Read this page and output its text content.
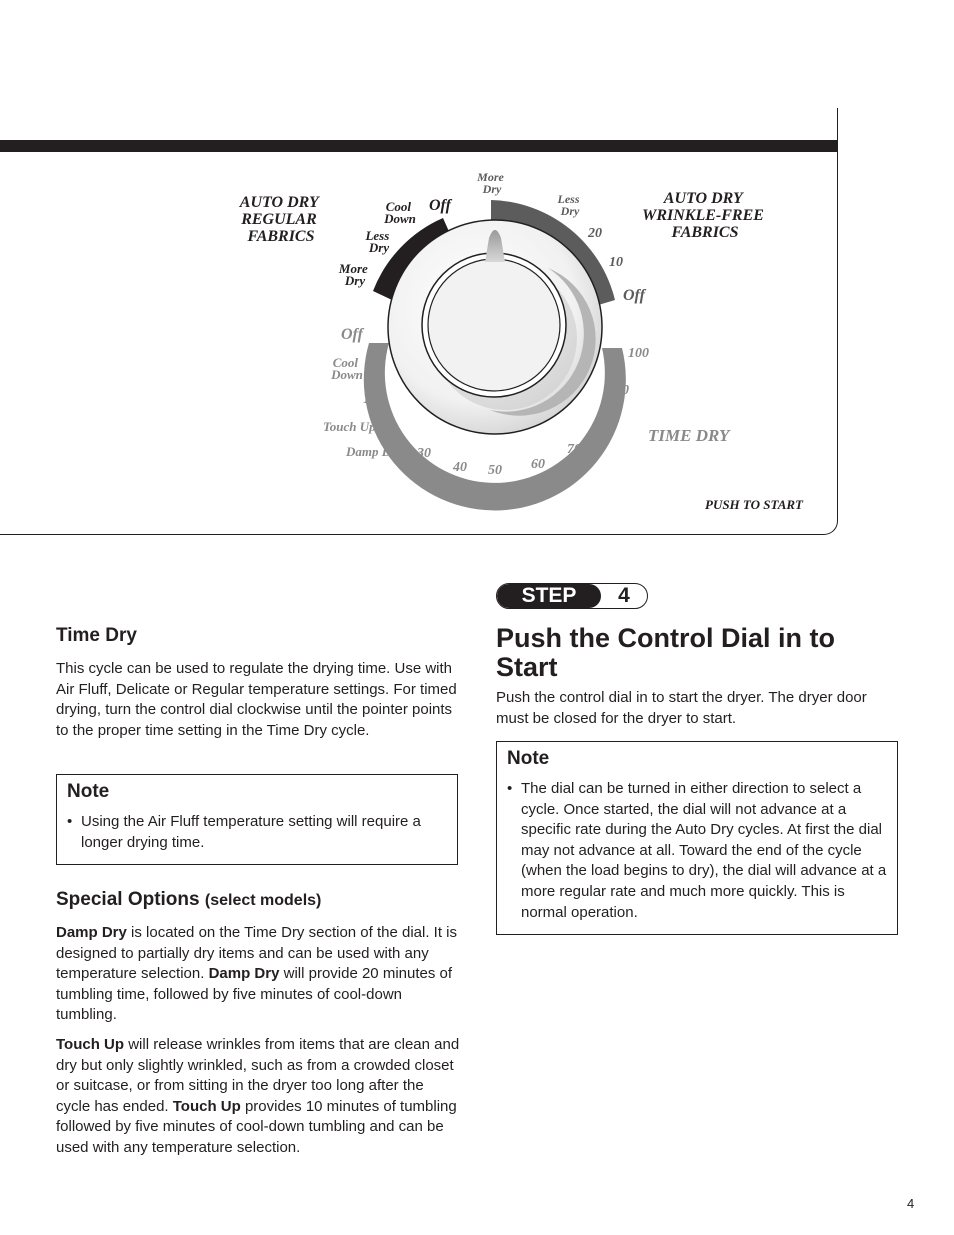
AUTO DRY REGULAR FABRICS
AUTO DRY WRINKLE-FREE FABRICS
TIME DRY
PUSH TO START
More Dry
Less Dry
Cool Down
Off
Less Dry
More Dry
20
10
Off
Off
Cool Down
10
Touch Up 20
Damp Dry 30
40 50 60
70
80
90
100
Time Dry

This cycle can be used to regulate the drying time. Use with Air Fluff, Delicate or Regular temperature settings. For timed drying, turn the control dial clockwise until the pointer points to the proper time setting in the Time Dry cycle.

Note

• Using the Air Fluff temperature setting will require a longer drying time.
Special Options (select models)

Damp Dry is located on the Time Dry section of the dial. It is designed to partially dry items and can be used with any temperature selection. Damp Dry will provide 20 minutes of tumbling time, followed by five minutes of cool-down tumbling.

Touch Up will release wrinkles from items that are clean and dry but only slightly wrinkled, such as from a crowded closet or suitcase, or from sitting in the dryer too long after the cycle has ended. Touch Up provides 10 minutes of tumbling followed by five minutes of cool-down tumbling and can be used with any temperature selection.

STEP	4
Push the Control Dial in to Start

Push the control dial in to start the dryer. The dryer door must be closed for the dryer to start.

Note

• The dial can be turned in either direction to select a cycle. Once started, the dial will not advance at a specific rate during the Auto Dry cycles. At first the dial may not advance at all. Toward the end of the cycle (when the load begins to dry), the dial will advance at a more regular rate and much more quickly. This is normal operation.
4
